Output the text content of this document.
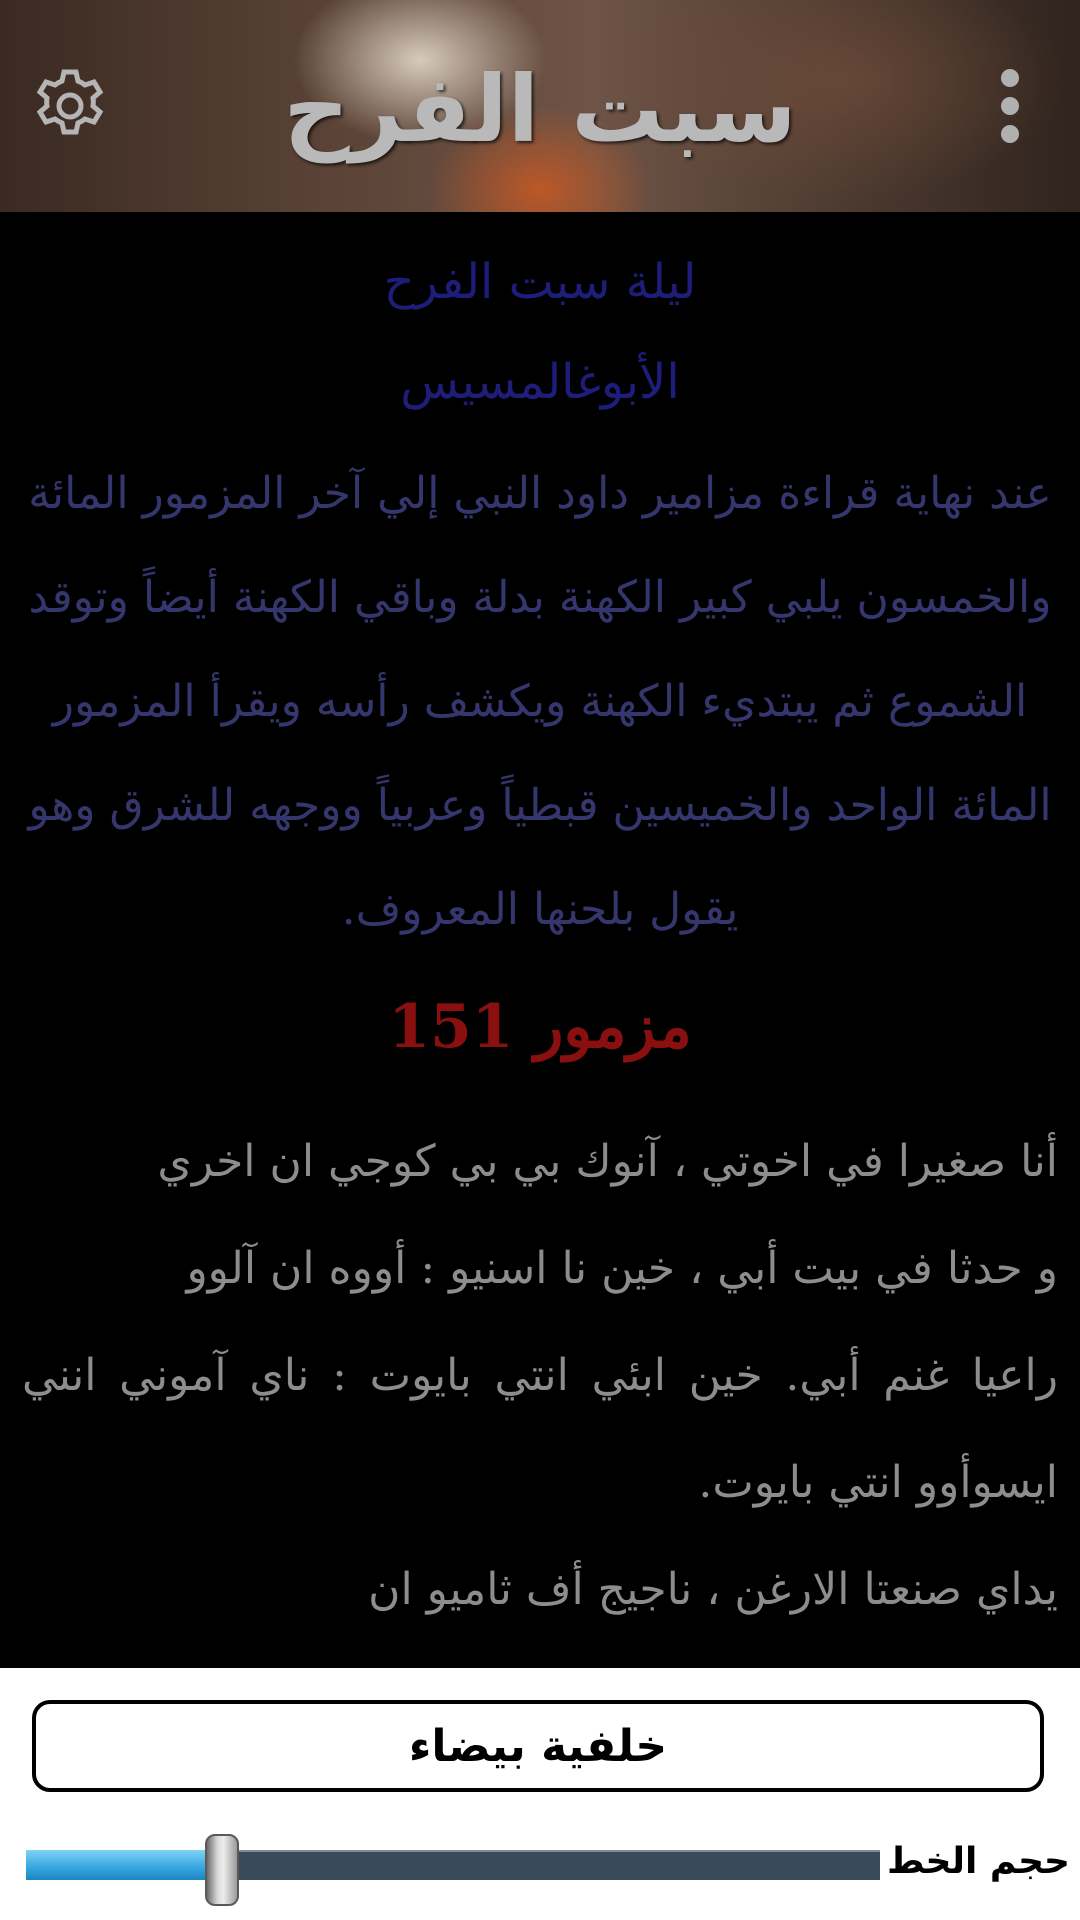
سبت الفرح
ليلة سبت الفرح
الأبوغالمسيس
عند نهاية قراءة مزامير داود النبي إلي آخر المزمور المائة والخمسون يلبي كبير الكهنة بدلة وباقي الكهنة أيضاً وتوقد الشموع ثم يبتديء الكهنة ويكشف رأسه ويقرأ المزمور المائة الواحد والخميسين قبطياً وعربياً ووجهه للشرق وهو يقول بلحنها المعروف.
مزمور 151
أنا صغيرا في اخوتي ، آنوك بي بي كوجي ان اخري
و حدثا في بيت أبي ، خين نا اسنيو : أووه ان آلوو
راعيا غنم أبي. خين ابئي انتي بايوت : ناي آموني انني ايسوأوو انتي بايوت.
يداي صنعتا الارغن ، ناجيج أف ثاميو ان
خلفية بيضاء
حجم الخط
